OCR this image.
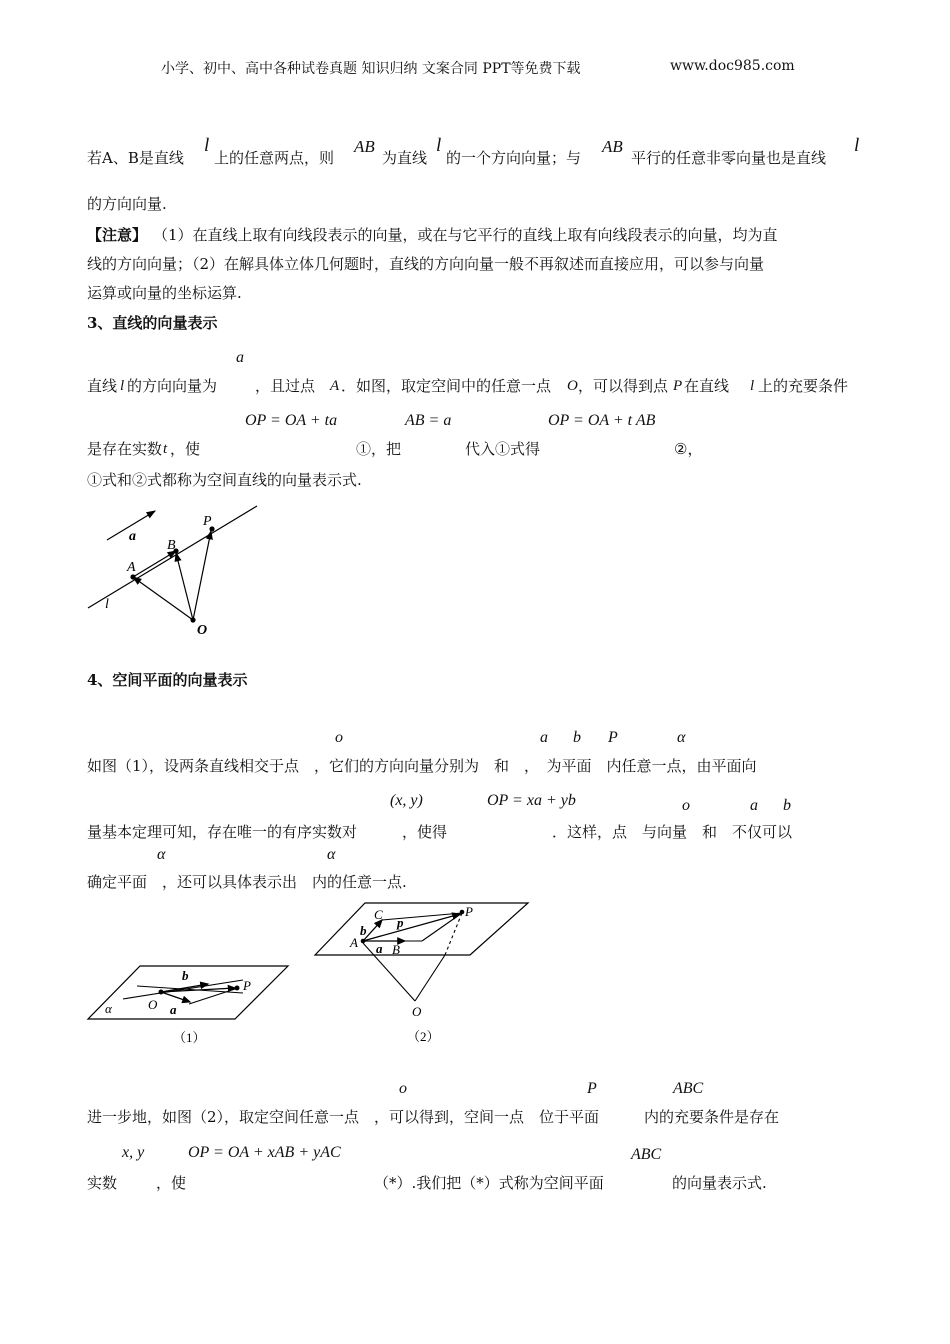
小学、初中、高中各种试卷真题 知识归纳 文案合同 PPT等免费下载	www.doc985.com
若A、B是直线
l
上的任意两点，则
AB
为直线
l
的一个方向向量；与
AB
平行的任意非零向量也是直线
l
的方向向量.
【注意】 （1）在直线上取有向线段表示的向量，或在与它平行的直线上取有向线段表示的向量，均为直
线的方向向量；（2）在解具体立体几何题时，直线的方向向量一般不再叙述而直接应用，可以参与向量
运算或向量的坐标运算.
3、直线的向量表示
a
直线 l 的方向向量为	，且过点 A ．如图，取定空间中的任意一点 O ，可以得到点 P 在直线 l 上的充要条件
OP = OA + ta	AB = a	OP = OA + t AB
是存在实数 t ，使	①，把	代入①式得	②，
①式和②式都称为空间直线的向量表示式.
a
B
P
A
l
O
4、空间平面的向量表示
o	a b P	α
如图（1），设两条直线相交于点　，它们的方向向量分别为　和　，　为平面　内任意一点，由平面向
(x, y)	OP = xa + yb	o	a b
量基本定理可知，存在唯一的有序实数对　　　，使得　　　　　　　．这样，点　与向量　和　不仅可以
α	α
确定平面　，还可以具体表示出　内的任意一点.
b
P
α	O a
（1）
C
p
P
b
A a B
O
（2）
o	P	ABC
进一步地，如图（2），取定空间任意一点　，可以得到，空间一点　位于平面　　　内的充要条件是存在
x, y	OP = OA + xAB + yAC	ABC
实数	，使	（*）.我们把（*）式称为空间平面	的向量表示式.
